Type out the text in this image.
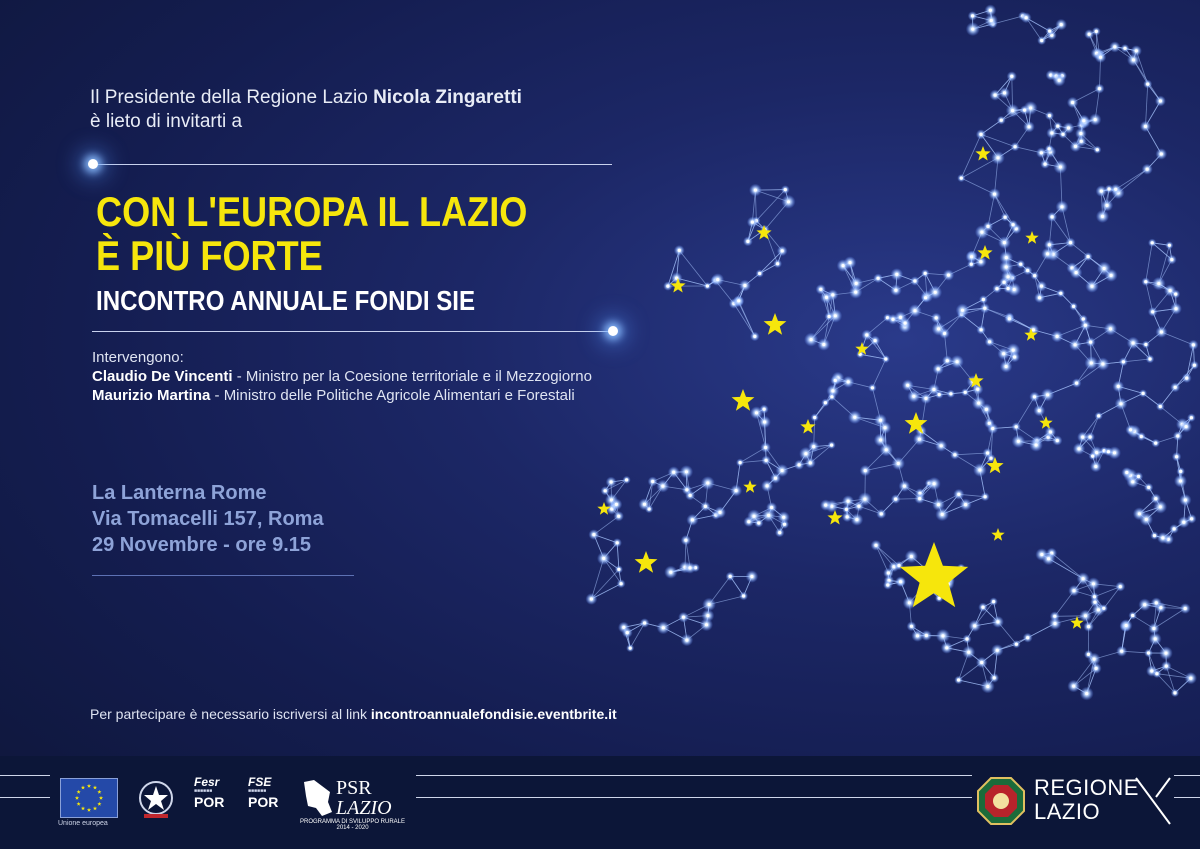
Il Presidente della Regione Lazio Nicola Zingaretti
è lieto di invitarti a
CON L'EUROPA IL LAZIO
È PIÙ FORTE
INCONTRO ANNUALE FONDI SIE
Intervengono:
Claudio De Vincenti - Ministro per la Coesione territoriale e il Mezzogiorno
Maurizio Martina - Ministro delle Politiche Agricole Alimentari e Forestali
La Lanterna Rome
Via Tomacelli 157, Roma
29 Novembre - ore 9.15
Per partecipare è necessario iscriversi al link incontroannualefondisie.eventbrite.it
Unione europea
Fesr
■■■■■■
POR
FSE
■■■■■■
POR
PSR
LAZIO
PROGRAMMA DI SVILUPPO RURALE
2014 - 2020
REGIONE
LAZIO
